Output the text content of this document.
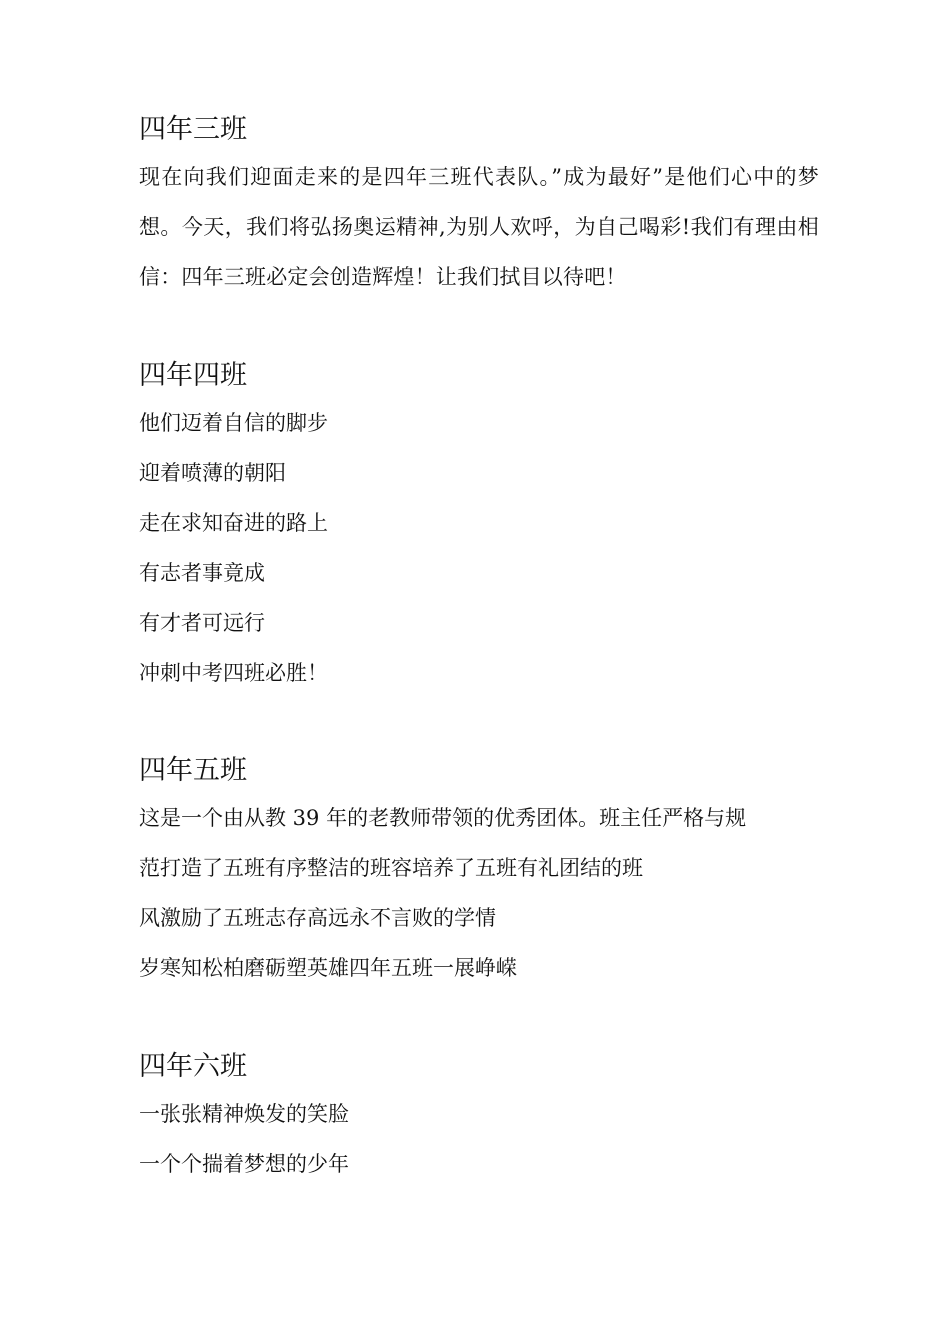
四年三班

现在向我们迎面走来的是四年三班代表队。”成为最好”是他们心中的梦想。今天，我们将弘扬奥运精神,为别人欢呼，为自己喝彩!我们有理由相信：四年三班必定会创造辉煌！让我们拭目以待吧！

四年四班

他们迈着自信的脚步

迎着喷薄的朝阳

走在求知奋进的路上

有志者事竟成

有才者可远行

冲刺中考四班必胜！

四年五班

这是一个由从教 39 年的老教师带领的优秀团体。班主任严格与规

范打造了五班有序整洁的班容培养了五班有礼团结的班

风激励了五班志存高远永不言败的学情

岁寒知松柏磨砺塑英雄四年五班一展峥嵘

四年六班

一张张精神焕发的笑脸

一个个揣着梦想的少年
